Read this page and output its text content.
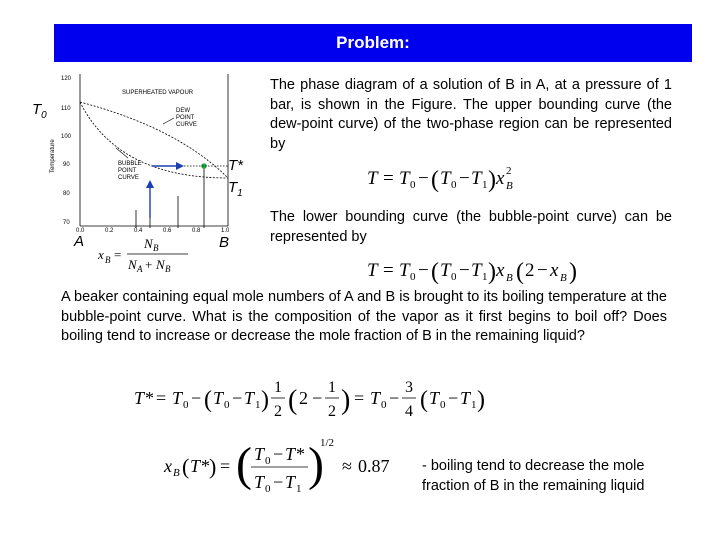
Problem:
120
110
100
90
80
70
Temperature
0.0	0.2	0.4	0.6	0.8	1.0
SUPERHEATED VAPOUR
DEW
POINT
CURVE
BUBBLE
POINT
CURVE
$T_0$
T*
$T_1$
A	B
x B =
N B
N A + N B
The phase diagram of a solution of B in A, at a pressure of 1 bar, is shown in the Figure. The upper bounding curve (the dew-point curve) of the two-phase region can be represented by
T = T 0 − ( T 0 − T 1 ) x 2
B
The lower bounding curve (the bubble-point curve) can be represented by
T = T 0 − ( T 0 − T 1 ) x B ( 2 − x B )
A beaker containing equal mole numbers of A and B is brought to its boiling temperature at the bubble-point curve. What is the composition of the vapor as it first begins to boil off? Does boiling tend to increase or decrease the mole fraction of B in the remaining liquid?
T * = T 0 − ( T 0 − T 1 ) 1
2 ( 2 −
1
2 ) = T 0 −
3
4 ( T 0 − T 1 )
x B ( T * ) = ( T 0 − T *
T 0 − T 1 )
1/2
≈ 0.87 - boiling tend to decrease the mole
fraction of B in the remaining liquid
